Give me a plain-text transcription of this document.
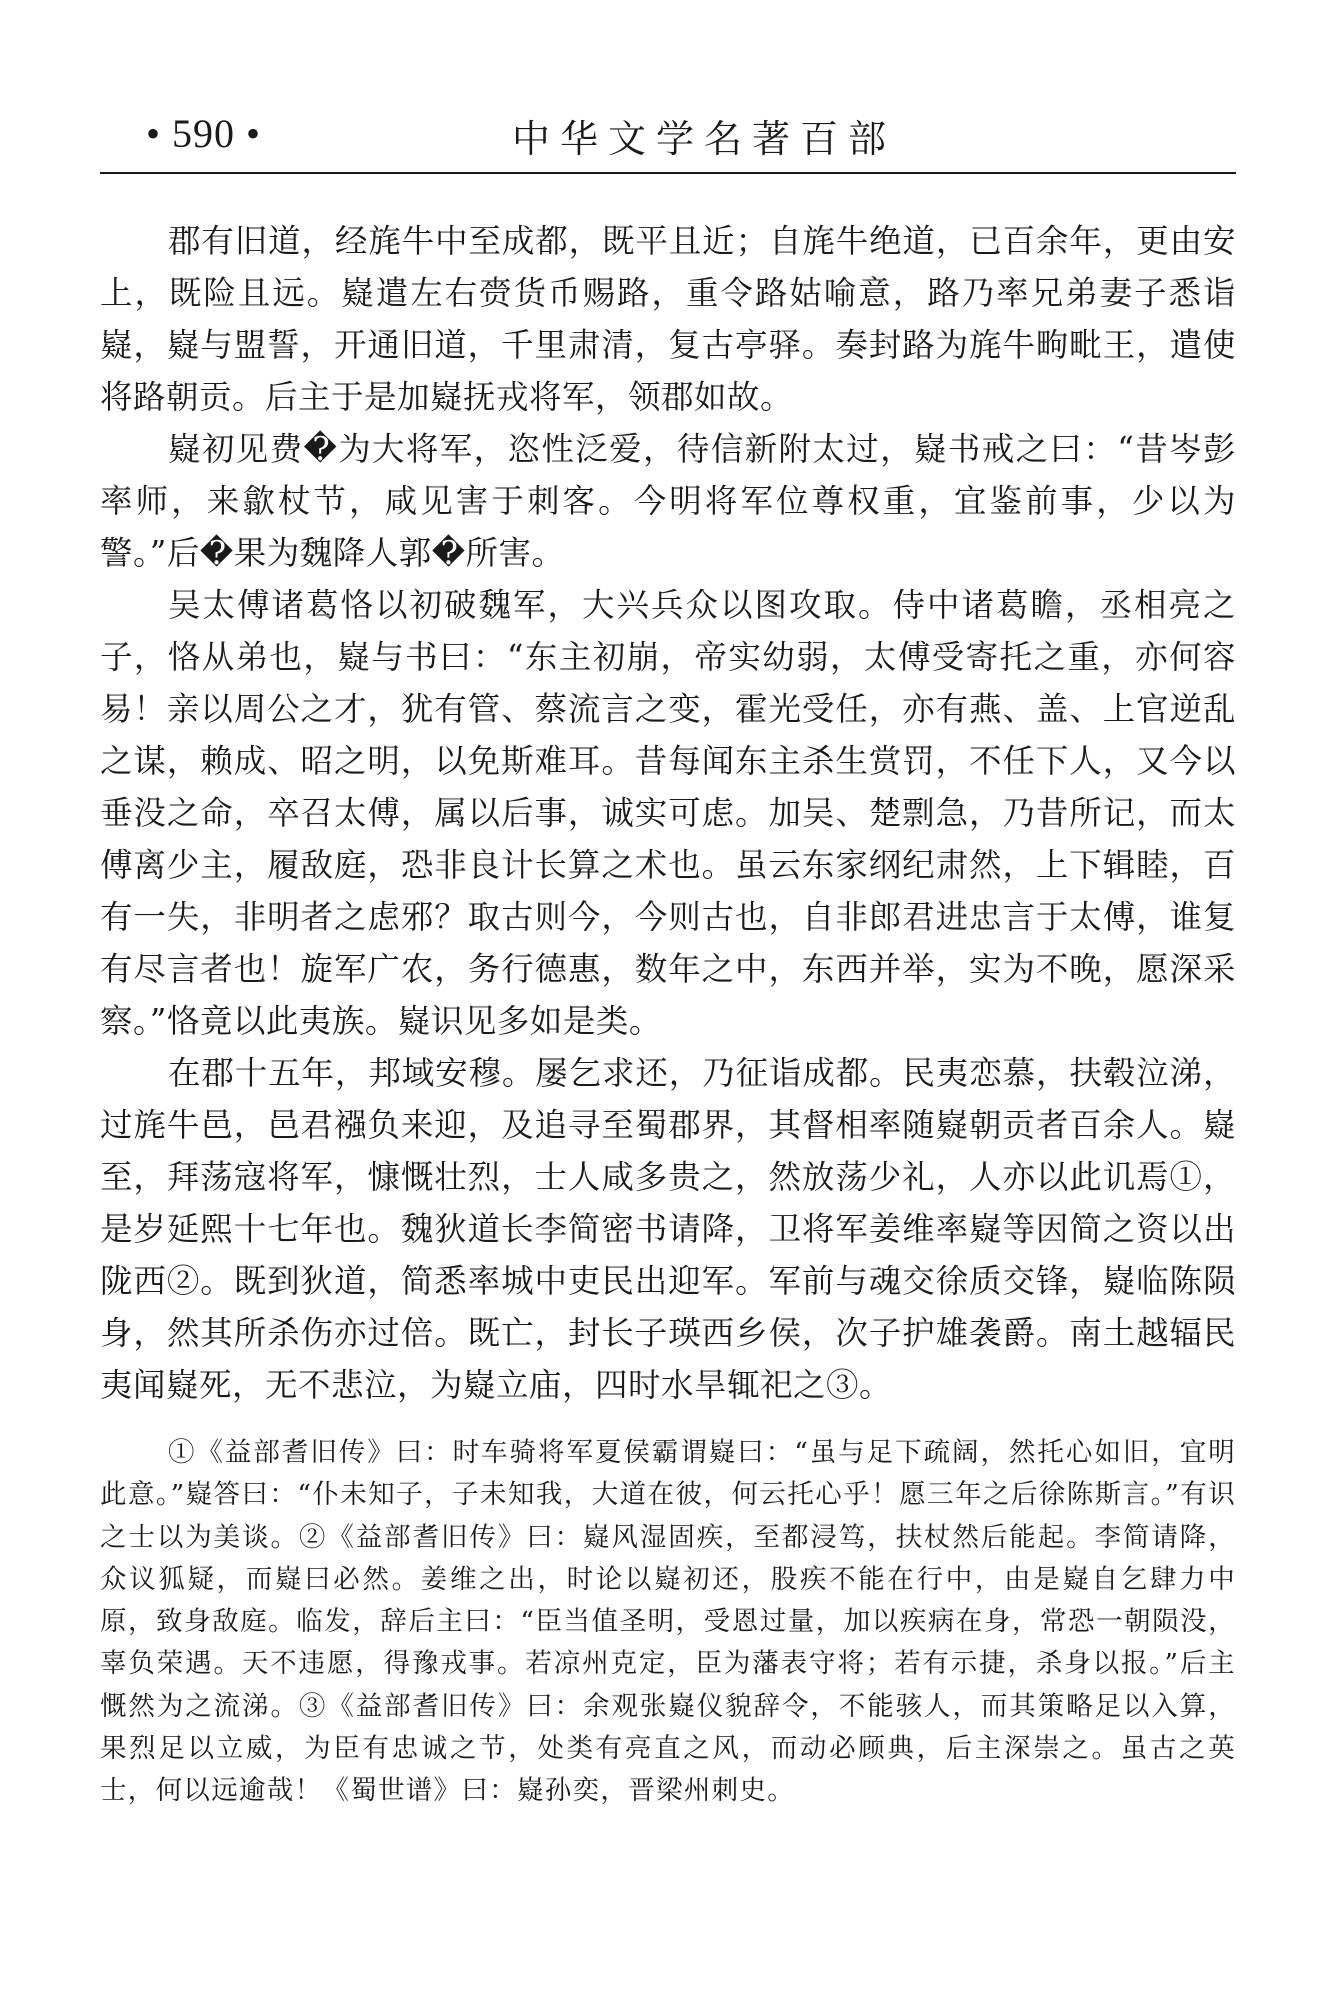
• 590 •	中华文学名著百部

郡有旧道，经旄牛中至成都，既平且近；自旄牛绝道，已百余年，更由安上，既险且远。嶷遣左右赍货币赐路，重令路姑喻意，路乃率兄弟妻子悉诣嶷，嶷与盟誓，开通旧道，千里肃清，复古亭驿。奏封路为旄牛㽛毗王，遣使将路朝贡。后主于是加嶷抚戎将军，领郡如故。

嶷初见费�为大将军，恣性泛爱，待信新附太过，嶷书戒之曰：“昔岑彭率师，来歙杖节，咸见害于刺客。今明将军位尊权重，宜鉴前事，少以为警。”后�果为魏降人郭�所害。

吴太傅诸葛恪以初破魏军，大兴兵众以图攻取。侍中诸葛瞻，丞相亮之子，恪从弟也，嶷与书曰：“东主初崩，帝实幼弱，太傅受寄托之重，亦何容易！亲以周公之才，犹有管、蔡流言之变，霍光受任，亦有燕、盖、上官逆乱之谋，赖成、昭之明，以免斯难耳。昔每闻东主杀生赏罚，不任下人，又今以垂没之命，卒召太傅，属以后事，诚实可虑。加吴、楚剽急，乃昔所记，而太傅离少主，履敌庭，恐非良计长算之术也。虽云东家纲纪肃然，上下辑睦，百有一失，非明者之虑邪？取古则今，今则古也，自非郎君进忠言于太傅，谁复有尽言者也！旋军广农，务行德惠，数年之中，东西并举，实为不晚，愿深采察。”恪竟以此夷族。嶷识见多如是类。

在郡十五年，邦域安穆。屡乞求还，乃征诣成都。民夷恋慕，扶毂泣涕，过旄牛邑，邑君襁负来迎，及追寻至蜀郡界，其督相率随嶷朝贡者百余人。嶷至，拜荡寇将军，慷慨壮烈，士人咸多贵之，然放荡少礼，人亦以此讥焉①，是岁延熙十七年也。魏狄道长李简密书请降，卫将军姜维率嶷等因简之资以出陇西②。既到狄道，简悉率城中吏民出迎军。军前与魂交徐质交锋，嶷临陈陨身，然其所杀伤亦过倍。既亡，封长子瑛西乡侯，次子护雄袭爵。南土越辐民夷闻嶷死，无不悲泣，为嶷立庙，四时水旱辄祀之③。

①《益部耆旧传》曰：时车骑将军夏侯霸谓嶷曰：“虽与足下疏阔，然托心如旧，宜明此意。”嶷答曰：“仆未知子，子未知我，大道在彼，何云托心乎！愿三年之后徐陈斯言。”有识之士以为美谈。②《益部耆旧传》曰：嶷风湿固疾，至都浸笃，扶杖然后能起。李简请降，众议狐疑，而嶷曰必然。姜维之出，时论以嶷初还，股疾不能在行中，由是嶷自乞肆力中原，致身敌庭。临发，辞后主曰：“臣当值圣明，受恩过量，加以疾病在身，常恐一朝陨没，辜负荣遇。天不违愿，得豫戎事。若凉州克定，臣为藩表守将；若有示捷，杀身以报。”后主慨然为之流涕。③《益部耆旧传》曰：余观张嶷仪貌辞令，不能骇人，而其策略足以入算，果烈足以立威，为臣有忠诚之节，处类有亮直之风，而动必顾典，后主深崇之。虽古之英士，何以远逾哉！《蜀世谱》曰：嶷孙奕，晋梁州刺史。
